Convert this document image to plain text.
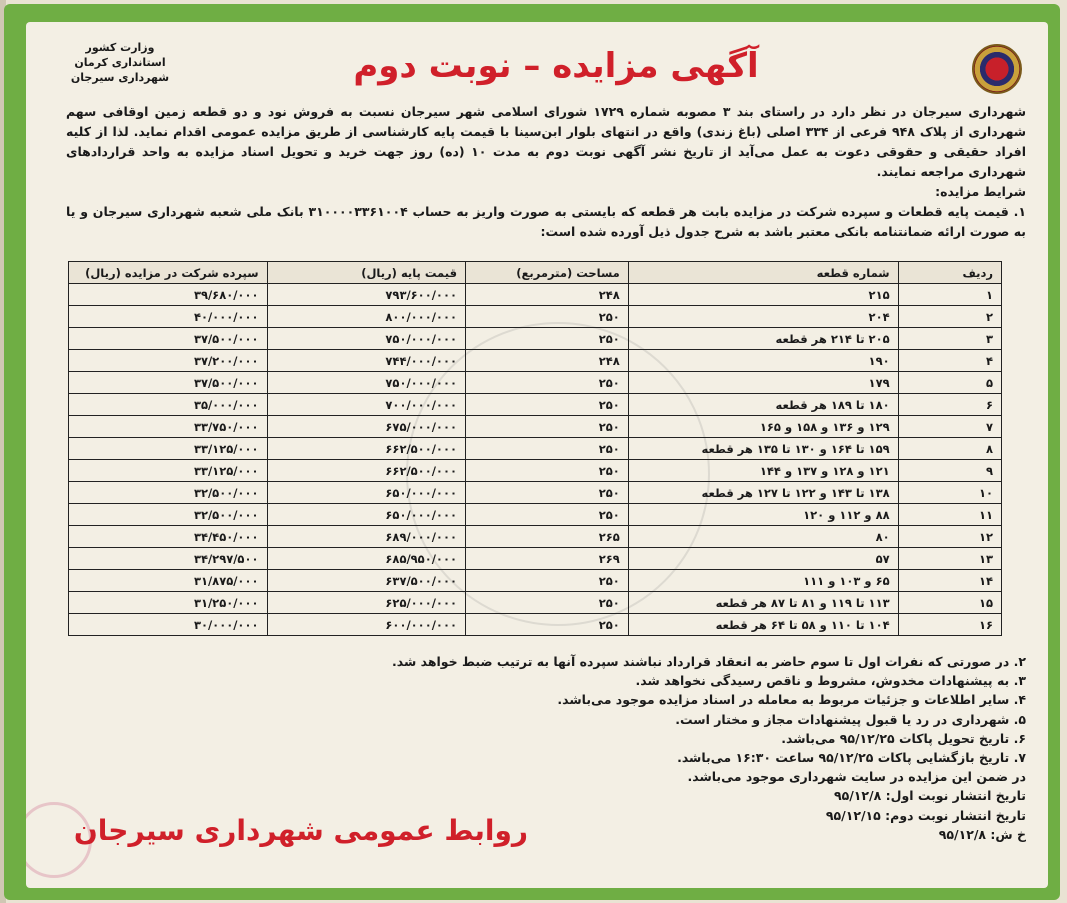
وزارت کشور
استانداری کرمان
شهرداری سیرجان	آگهی مزایده – نوبت دوم

شهرداری سیرجان در نظر دارد در راستای بند ۳ مصوبه شماره ۱۷۲۹ شورای اسلامی شهر سیرجان نسبت به فروش نود و دو قطعه زمین اوقافی سهم شهرداری از پلاک ۹۴۸ فرعی از ۳۳۴ اصلی (باغ زندی) واقع در انتهای بلوار ابن‌سینا با قیمت پایه کارشناسی از طریق مزایده عمومی اقدام نماید. لذا از کلیه افراد حقیقی و حقوقی دعوت به عمل می‌آید از تاریخ نشر آگهی نوبت دوم به مدت ۱۰ (ده) روز جهت خرید و تحویل اسناد مزایده به واحد قراردادهای شهرداری مراجعه نمایند.

شرایط مزایده:

۱. قیمت پایه قطعات و سپرده شرکت در مزایده بابت هر قطعه که بایستی به صورت واریز به حساب ۳۱۰۰۰۰۳۳۶۱۰۰۴ بانک ملی شعبه شهرداری سیرجان و یا به صورت ارائه ضمانتنامه بانکی معتبر باشد به شرح جدول ذیل آورده شده است:

ردیف	شماره قطعه	مساحت (مترمربع)	قیمت پایه (ریال)	سپرده شرکت در مزایده (ریال)
۱	۲۱۵	۲۴۸	۷۹۳/۶۰۰/۰۰۰	۳۹/۶۸۰/۰۰۰
۲	۲۰۴	۲۵۰	۸۰۰/۰۰۰/۰۰۰	۴۰/۰۰۰/۰۰۰
۳	۲۰۵ تا ۲۱۴ هر قطعه	۲۵۰	۷۵۰/۰۰۰/۰۰۰	۳۷/۵۰۰/۰۰۰
۴	۱۹۰	۲۴۸	۷۴۴/۰۰۰/۰۰۰	۳۷/۲۰۰/۰۰۰
۵	۱۷۹	۲۵۰	۷۵۰/۰۰۰/۰۰۰	۳۷/۵۰۰/۰۰۰
۶	۱۸۰ تا ۱۸۹ هر قطعه	۲۵۰	۷۰۰/۰۰۰/۰۰۰	۳۵/۰۰۰/۰۰۰
۷	۱۲۹ و ۱۳۶ و ۱۵۸ و ۱۶۵	۲۵۰	۶۷۵/۰۰۰/۰۰۰	۳۳/۷۵۰/۰۰۰
۸	۱۵۹ تا ۱۶۴ و ۱۳۰ تا ۱۳۵ هر قطعه	۲۵۰	۶۶۲/۵۰۰/۰۰۰	۳۳/۱۲۵/۰۰۰
۹	۱۲۱ و ۱۲۸ و ۱۳۷ و ۱۴۴	۲۵۰	۶۶۲/۵۰۰/۰۰۰	۳۳/۱۲۵/۰۰۰
۱۰	۱۳۸ تا ۱۴۳ و ۱۲۲ تا ۱۲۷ هر قطعه	۲۵۰	۶۵۰/۰۰۰/۰۰۰	۳۲/۵۰۰/۰۰۰
۱۱	۸۸ و ۱۱۲ و ۱۲۰	۲۵۰	۶۵۰/۰۰۰/۰۰۰	۳۲/۵۰۰/۰۰۰
۱۲	۸۰	۲۶۵	۶۸۹/۰۰۰/۰۰۰	۳۴/۴۵۰/۰۰۰
۱۳	۵۷	۲۶۹	۶۸۵/۹۵۰/۰۰۰	۳۴/۲۹۷/۵۰۰
۱۴	۶۵ و ۱۰۳ و ۱۱۱	۲۵۰	۶۳۷/۵۰۰/۰۰۰	۳۱/۸۷۵/۰۰۰
۱۵	۱۱۳ تا ۱۱۹ و ۸۱ تا ۸۷ هر قطعه	۲۵۰	۶۲۵/۰۰۰/۰۰۰	۳۱/۲۵۰/۰۰۰
۱۶	۱۰۴ تا ۱۱۰ و ۵۸ تا ۶۴ هر قطعه	۲۵۰	۶۰۰/۰۰۰/۰۰۰	۳۰/۰۰۰/۰۰۰

۲. در صورتی که نفرات اول تا سوم حاضر به انعقاد قرارداد نباشند سپرده آنها به ترتیب ضبط خواهد شد.

۳. به پیشنهادات مخدوش، مشروط و ناقص رسیدگی نخواهد شد.

۴. سایر اطلاعات و جزئیات مربوط به معامله در اسناد مزایده موجود می‌باشد.

۵. شهرداری در رد یا قبول پیشنهادات مجاز و مختار است.

۶. تاریخ تحویل پاکات ۹۵/۱۲/۲۵ می‌باشد.

۷. تاریخ بازگشایی پاکات ۹۵/۱۲/۲۵ ساعت ۱۶:۳۰ می‌باشد.

در ضمن این مزایده در سایت شهرداری موجود می‌باشد.

تاریخ انتشار نوبت اول: ۹۵/۱۲/۸

تاریخ انتشار نوبت دوم: ۹۵/۱۲/۱۵

خ ش: ۹۵/۱۲/۸

روابط عمومی شهرداری سیرجان
